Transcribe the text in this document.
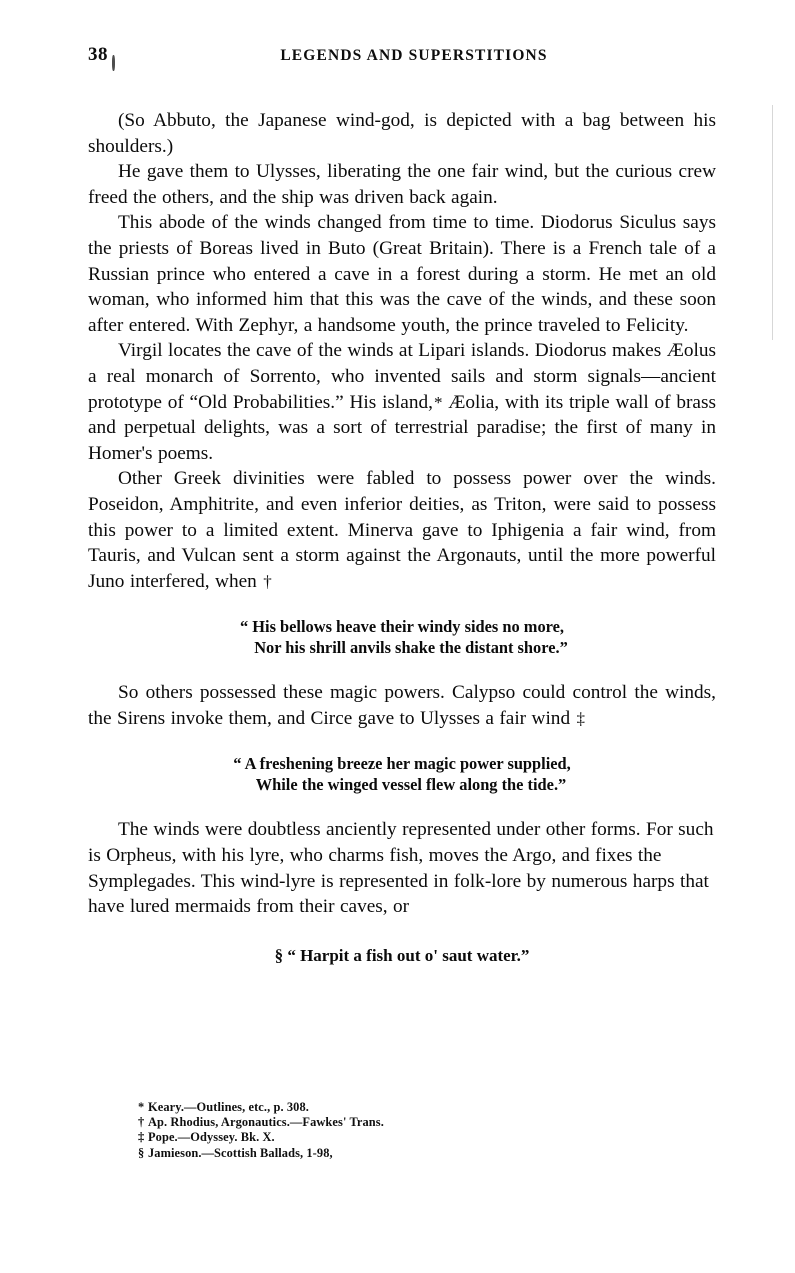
38	LEGENDS AND SUPERSTITIONS

(So Abbuto, the Japanese wind-god, is depicted with a bag between his shoulders.)

He gave them to Ulysses, liberating the one fair wind, but the curious crew freed the others, and the ship was driven back again.

This abode of the winds changed from time to time. Diodorus Siculus says the priests of Boreas lived in Buto (Great Britain). There is a French tale of a Russian prince who entered a cave in a forest during a storm. He met an old woman, who informed him that this was the cave of the winds, and these soon after entered. With Zephyr, a handsome youth, the prince traveled to Felicity.

Virgil locates the cave of the winds at Lipari islands. Diodorus makes Æolus a real monarch of Sorrento, who invented sails and storm signals—ancient prototype of “Old Probabilities.” His island,* Æolia, with its triple wall of brass and perpetual delights, was a sort of terrestrial paradise; the first of many in Homer's poems.

Other Greek divinities were fabled to possess power over the winds. Poseidon, Amphitrite, and even inferior deities, as Triton, were said to possess this power to a limited extent. Minerva gave to Iphigenia a fair wind, from Tauris, and Vulcan sent a storm against the Argonauts, until the more powerful Juno interfered, when †

“ His bellows heave their windy sides no more,
Nor his shrill anvils shake the distant shore.”

So others possessed these magic powers. Calypso could control the winds, the Sirens invoke them, and Circe gave to Ulysses a fair wind ‡

“ A freshening breeze her magic power supplied,
While the winged vessel flew along the tide.”

The winds were doubtless anciently represented under other forms. For such is Orpheus, with his lyre, who charms fish, moves the Argo, and fixes the Symplegades. This wind-lyre is represented in folk-lore by numerous harps that have lured mermaids from their caves, or

§ “ Harpit a fish out o' saut water.”
* Keary.—Outlines, etc., p. 308.
† Ap. Rhodius, Argonautics.—Fawkes' Trans.
‡ Pope.—Odyssey. Bk. X.
§ Jamieson.—Scottish Ballads, 1-98,
